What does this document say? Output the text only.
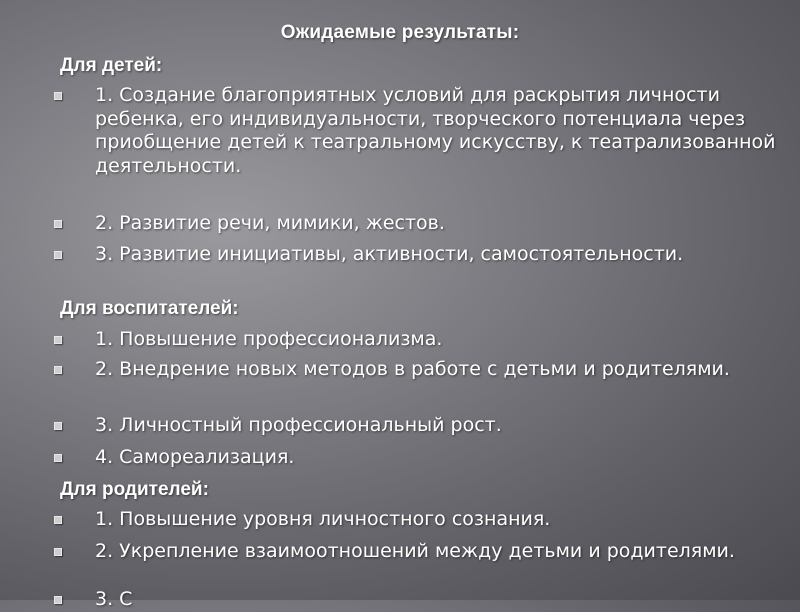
Ожидаемые результаты:
Для детей:
1. Создание благоприятных условий для раскрытия личности ребенка, его индивидуальности, творческого потенциала через приобщение детей к театральному искусству, к театрализованной деятельности.
2. Развитие речи, мимики, жестов.
3. Развитие инициативы, активности, самостоятельности.
Для воспитателей:
1. Повышение профессионализма.
2. Внедрение новых методов в работе с детьми и родителями.
3. Личностный профессиональный рост.
4. Самореализация.
Для родителей:
1. Повышение уровня личностного сознания.
2. Укрепление взаимоотношений между детьми и родителями.
3. С
